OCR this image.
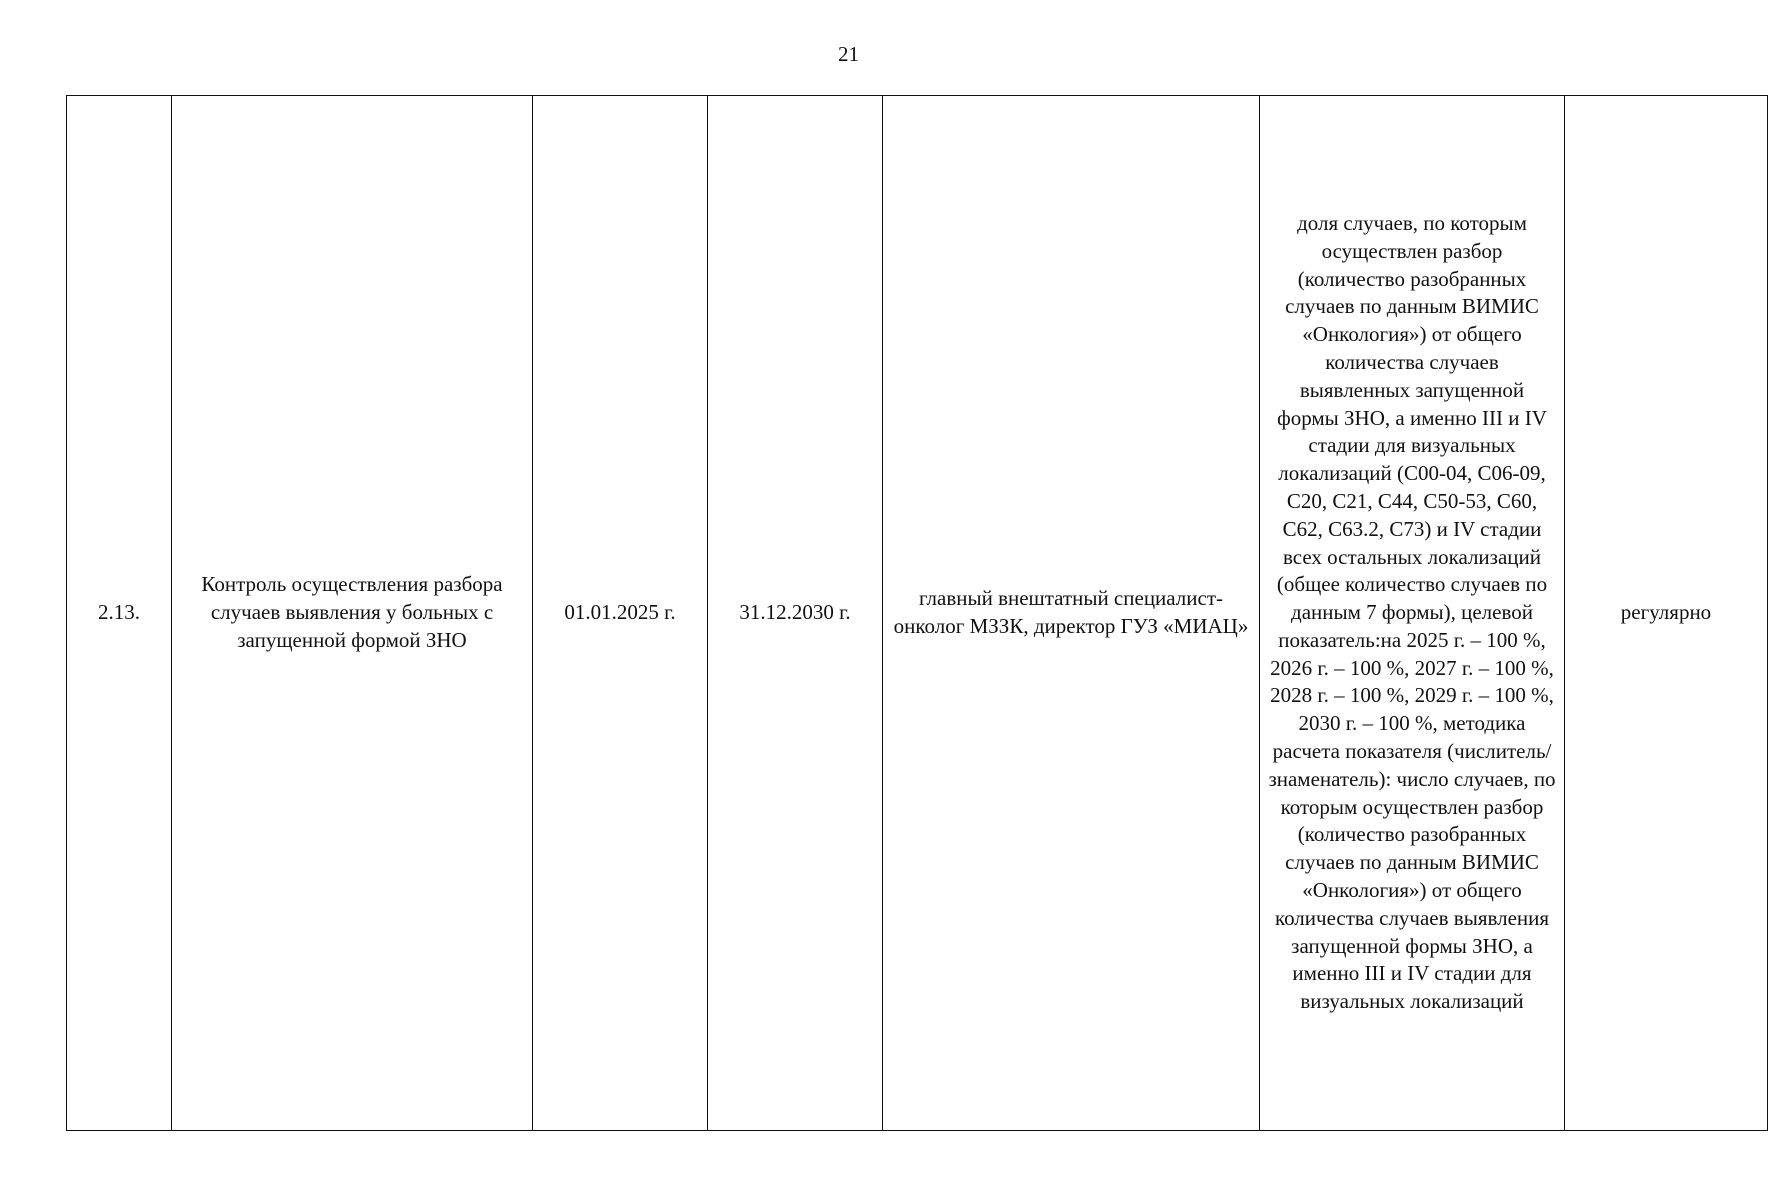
21
2.13.	Контроль осуществления разбора случаев выявления у больных с запущенной формой ЗНО	01.01.2025 г.	31.12.2030 г.	главный внештатный специалист-онколог МЗЗК, директор ГУЗ «МИАЦ»	доля случаев, по которым осуществлен разбор (количество разобранных случаев по данным ВИМИС «Онкология») от общего количества случаев выявленных запущенной формы ЗНО, а именно III и IV стадии для визуальных локализаций (С00-04, С06-09, С20, С21, С44, С50-53, С60, С62, С63.2, С73) и IV стадии всех остальных локализаций (общее количество случаев по данным 7 формы), целевой показатель:на 2025 г. – 100 %, 2026 г. – 100 %, 2027 г. – 100 %, 2028 г. – 100 %, 2029 г. – 100 %, 2030 г. – 100 %, методика расчета показателя (числитель/знаменатель): число случаев, по которым осуществлен разбор (количество разобранных случаев по данным ВИМИС «Онкология») от общего количества случаев выявления запущенной формы ЗНО, а именно III и IV стадии для визуальных локализаций	регулярно
